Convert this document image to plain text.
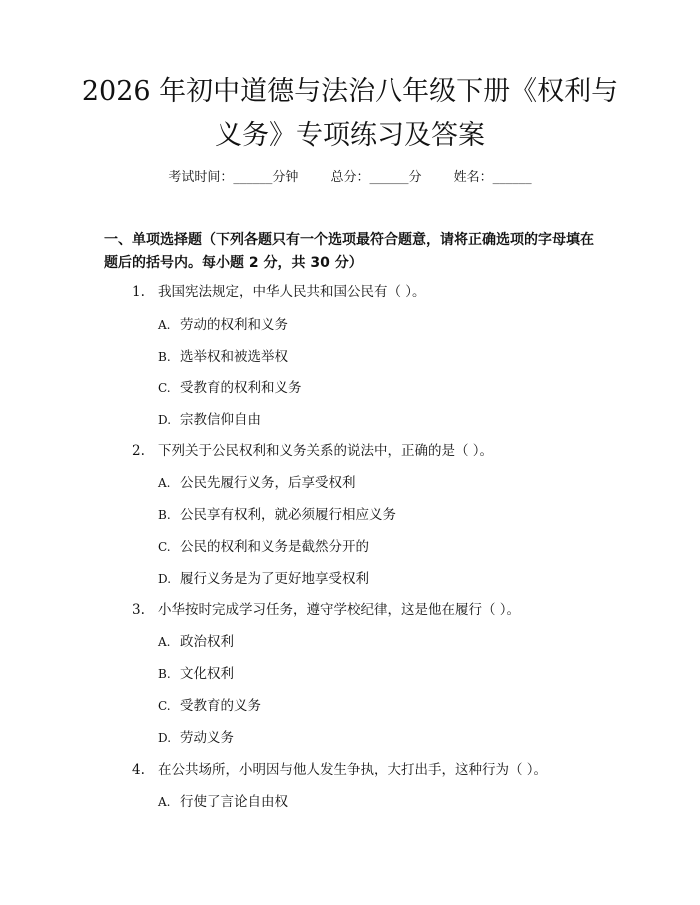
2026 年初中道德与法治八年级下册《权利与
义务》专项练习及答案
考试时间：______分钟 总分：______分 姓名：______
一、单项选择题（下列各题只有一个选项最符合题意，请将正确选项的字母填在题后的括号内。每小题 2 分，共 30 分）
1. 我国宪法规定，中华人民共和国公民有（ ）。
A. 劳动的权利和义务
B. 选举权和被选举权
C. 受教育的权利和义务
D. 宗教信仰自由
2. 下列关于公民权利和义务关系的说法中，正确的是（ ）。
A. 公民先履行义务，后享受权利
B. 公民享有权利，就必须履行相应义务
C. 公民的权利和义务是截然分开的
D. 履行义务是为了更好地享受权利
3. 小华按时完成学习任务，遵守学校纪律，这是他在履行（ ）。
A. 政治权利
B. 文化权利
C. 受教育的义务
D. 劳动义务
4. 在公共场所，小明因与他人发生争执，大打出手，这种行为（ ）。
A. 行使了言论自由权
